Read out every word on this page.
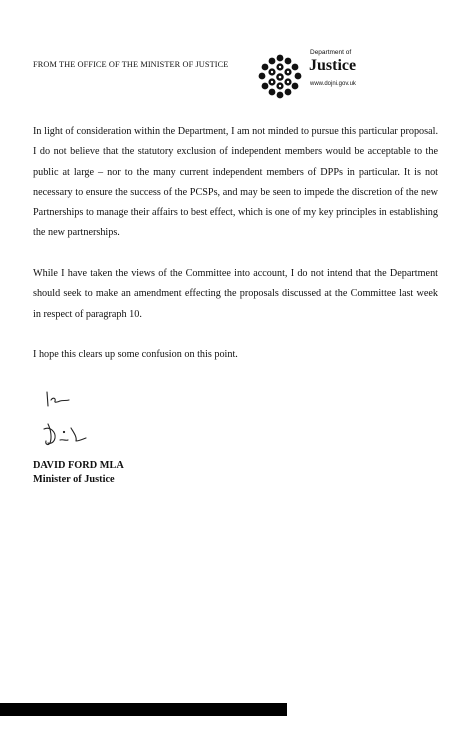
FROM THE OFFICE OF THE MINISTER OF JUSTICE
Department of
Justice
www.dojni.gov.uk

In light of consideration within the Department, I am not minded to pursue this particular proposal. I do not believe that the statutory exclusion of independent members would be acceptable to the public at large – nor to the many current independent members of DPPs in particular. It is not necessary to ensure the success of the PCSPs, and may be seen to impede the discretion of the new Partnerships to manage their affairs to best effect, which is one of my key principles in establishing the new partnerships.

While I have taken the views of the Committee into account, I do not intend that the Department should seek to make an amendment effecting the proposals discussed at the Committee last week in respect of paragraph 10.

I hope this clears up some confusion on this point.

DAVID FORD MLA
Minister of Justice
